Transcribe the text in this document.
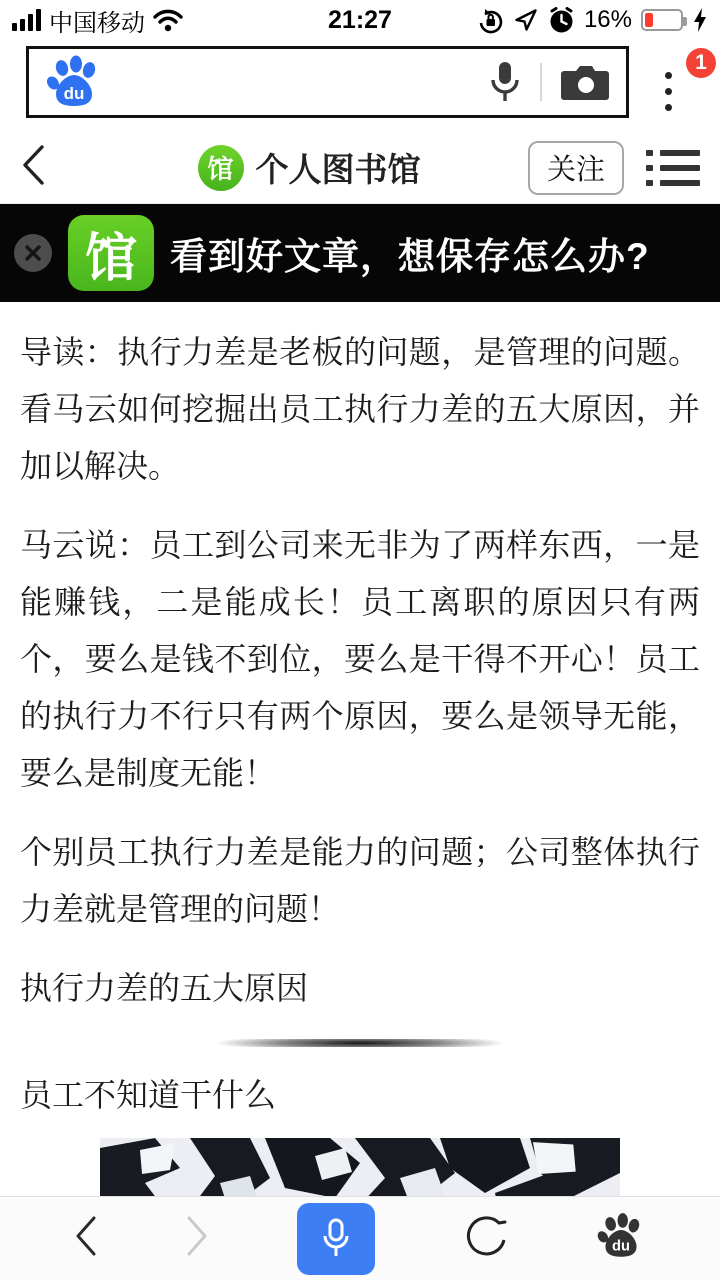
中国移动	21:27	16%
du
1
馆 个人图书馆	关注
馆 看到好文章，想保存怎么办?

导读：执行力差是老板的问题，是管理的问题。看马云如何挖掘出员工执行力差的五大原因，并加以解决。

马云说：员工到公司来无非为了两样东西，一是能赚钱，二是能成长！员工离职的原因只有两个，要么是钱不到位，要么是干得不开心！员工的执行力不行只有两个原因，要么是领导无能，要么是制度无能！

个别员工执行力差是能力的问题；公司整体执行力差就是管理的问题！

执行力差的五大原因

员工不知道干什么

du
